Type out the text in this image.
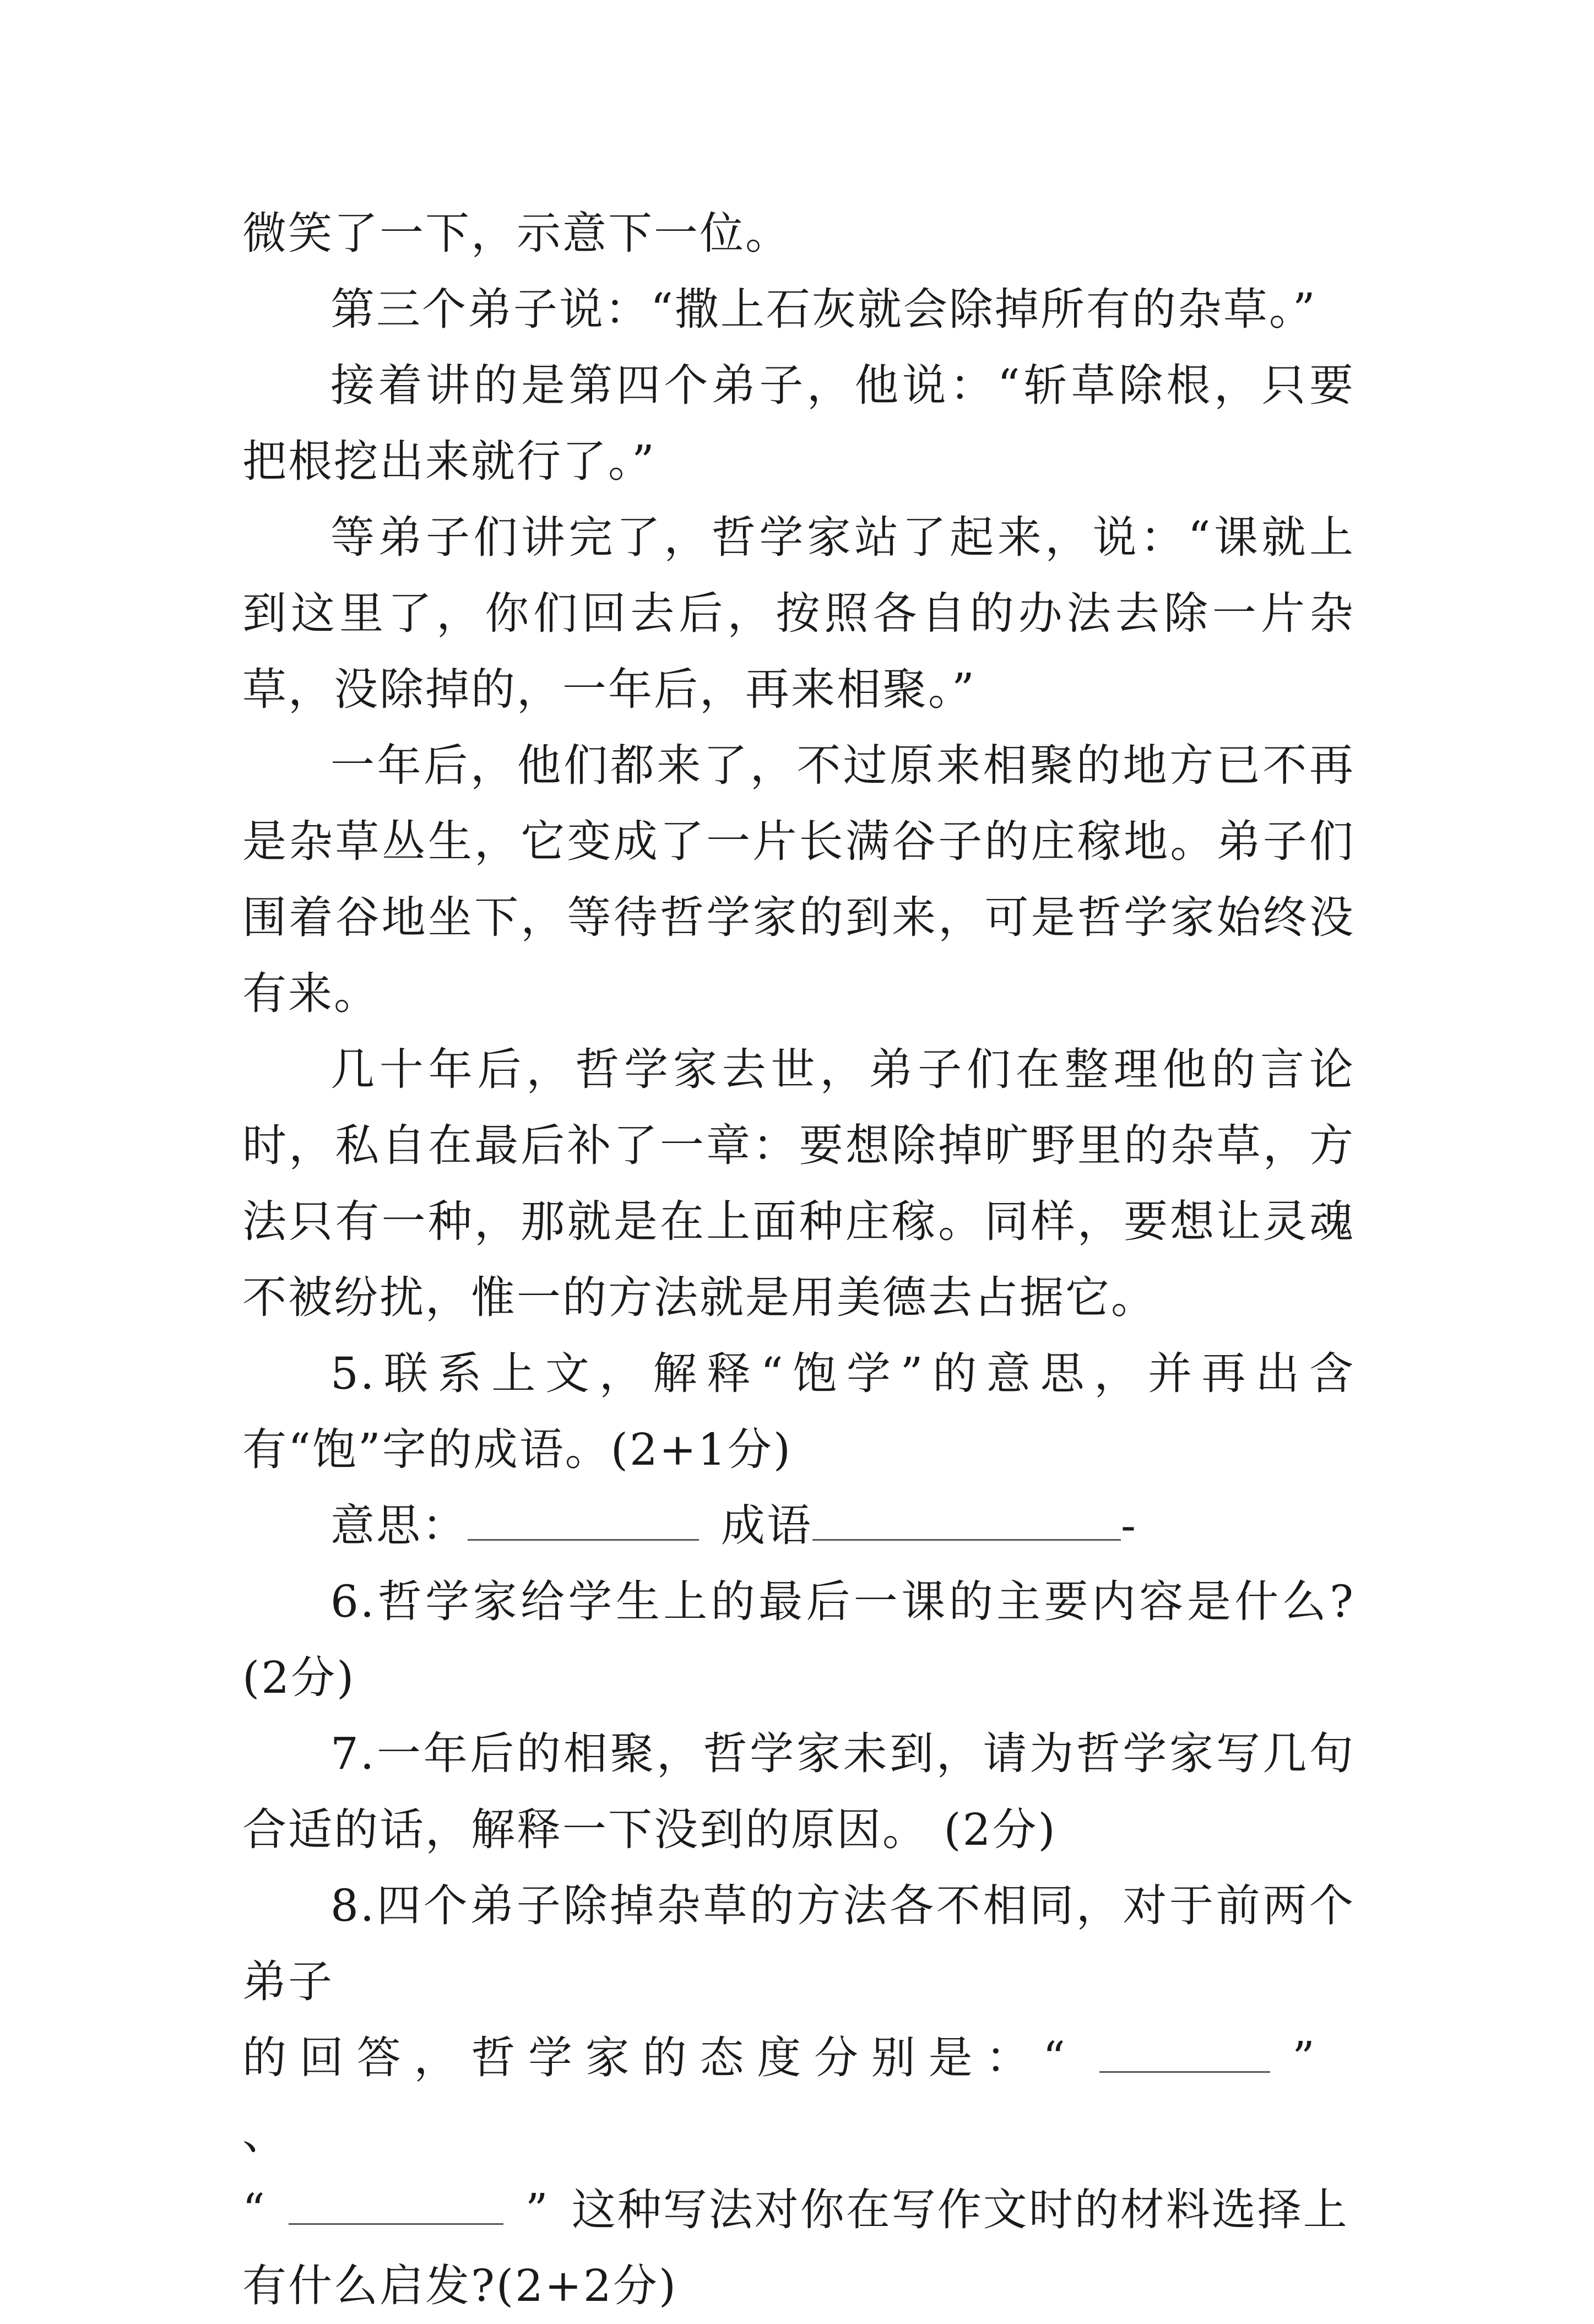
微笑了一下，示意下一位。

第三个弟子说：“撒上石灰就会除掉所有的杂草。”

接着讲的是第四个弟子，他说：“斩草除根，只要把根挖出来就行了。”

等弟子们讲完了，哲学家站了起来，说：“课就上到这里了，你们回去后，按照各自的办法去除一片杂草，没除掉的，一年后，再来相聚。”

一年后，他们都来了，不过原来相聚的地方已不再是杂草丛生，它变成了一片长满谷子的庄稼地。弟子们围着谷地坐下，等待哲学家的到来，可是哲学家始终没有来。

几十年后，哲学家去世，弟子们在整理他的言论时，私自在最后补了一章：要想除掉旷野里的杂草，方法只有一种，那就是在上面种庄稼。同样，要想让灵魂不被纷扰，惟一的方法就是用美德去占据它。

5.联系上文，解释“饱学”的意思，并再出含有“饱”字的成语。(2+1分)

意思：	成语	-

6.哲学家给学生上的最后一课的主要内容是什么?(2分)

7.一年后的相聚，哲学家未到，请为哲学家写几句合适的话，解释一下没到的原因。 (2分)

8.四个弟子除掉杂草的方法各不相同，对于前两个弟子

的回答，哲学家的态度分别是：“	”、

“	” 这种写法对你在写作文时的材料选择上

有什么启发?(2+2分)
